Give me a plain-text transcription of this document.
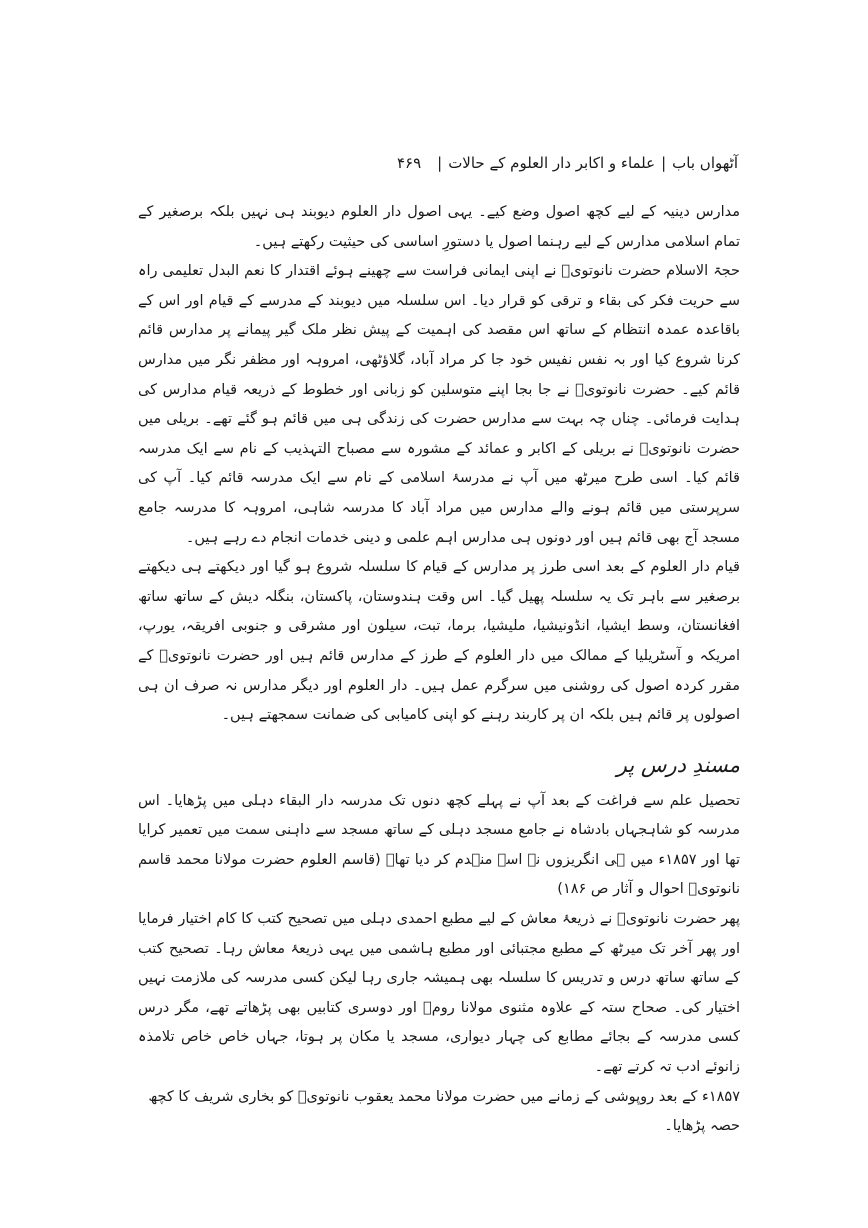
آٹھواں باب
|
علماء و اکابر دار العلوم کے حالات
|
۴۶۹

مدارس دینیہ کے لیے کچھ اصول وضع کیے۔ یہی اصول دار العلوم دیوبند ہی نہیں بلکہ برصغیر کے تمام اسلامی مدارس کے لیے رہنما اصول یا دستورِ اساسی کی حیثیت رکھتے ہیں۔

حجۃ الاسلام حضرت نانوتویؒ نے اپنی ایمانی فراست سے چھینے ہوئے اقتدار کا نعم البدل تعلیمی راہ سے حریت فکر کی بقاء و ترقی کو قرار دیا۔ اس سلسلہ میں دیوبند کے مدرسے کے قیام اور اس کے باقاعدہ عمدہ انتظام کے ساتھ اس مقصد کی اہمیت کے پیش نظر ملک گیر پیمانے پر مدارس قائم کرنا شروع کیا اور بہ نفس نفیس خود جا کر مراد آباد، گلاؤٹھی، امروہہ اور مظفر نگر میں مدارس قائم کیے۔ حضرت نانوتویؒ نے جا بجا اپنے متوسلین کو زبانی اور خطوط کے ذریعہ قیام مدارس کی ہدایت فرمائی۔ چناں چہ بہت سے مدارس حضرت کی زندگی ہی میں قائم ہو گئے تھے۔ بریلی میں حضرت نانوتویؒ نے بریلی کے اکابر و عمائد کے مشورہ سے مصباح التہذیب کے نام سے ایک مدرسہ قائم کیا۔ اسی طرح میرٹھ میں آپ نے مدرسۂ اسلامی کے نام سے ایک مدرسہ قائم کیا۔ آپ کی سرپرستی میں قائم ہونے والے مدارس میں مراد آباد کا مدرسہ شاہی، امروہہ کا مدرسہ جامع مسجد آج بھی قائم ہیں اور دونوں ہی مدارس اہم علمی و دینی خدمات انجام دے رہے ہیں۔

قیام دار العلوم کے بعد اسی طرز پر مدارس کے قیام کا سلسلہ شروع ہو گیا اور دیکھتے ہی دیکھتے برصغیر سے باہر تک یہ سلسلہ پھیل گیا۔ اس وقت ہندوستان، پاکستان، بنگلہ دیش کے ساتھ ساتھ افغانستان، وسط ایشیا، انڈونیشیا، ملیشیا، برما، تبت، سیلون اور مشرقی و جنوبی افریقہ، یورپ، امریکہ و آسٹریلیا کے ممالک میں دار العلوم کے طرز کے مدارس قائم ہیں اور حضرت نانوتویؒ کے مقرر کردہ اصول کی روشنی میں سرگرم عمل ہیں۔ دار العلوم اور دیگر مدارس نہ صرف ان ہی اصولوں پر قائم ہیں بلکہ ان پر کاربند رہنے کو اپنی کامیابی کی ضمانت سمجھتے ہیں۔

مسندِ درس پر

تحصیل علم سے فراغت کے بعد آپ نے پہلے کچھ دنوں تک مدرسہ دار البقاء دہلی میں پڑھایا۔ اس مدرسہ کو شاہجہاں بادشاہ نے جامع مسجد دہلی کے ساتھ مسجد سے داہنی سمت میں تعمیر کرایا تھا اور ۱۸۵۷ء میں ہی انگریزوں نے اسے منہدم کر دیا تھا۔ (قاسم العلوم حضرت مولانا محمد قاسم نانوتویؒ احوال و آثار ص ۱۸۶)

پھر حضرت نانوتویؒ نے ذریعۂ معاش کے لیے مطبع احمدی دہلی میں تصحیح کتب کا کام اختیار فرمایا اور پھر آخر تک میرٹھ کے مطبع مجتبائی اور مطبع ہاشمی میں یہی ذریعۂ معاش رہا۔ تصحیح کتب کے ساتھ ساتھ درس و تدریس کا سلسلہ بھی ہمیشہ جاری رہا لیکن کسی مدرسہ کی ملازمت نہیں اختیار کی۔ صحاح ستہ کے علاوہ مثنوی مولانا رومؒ اور دوسری کتابیں بھی پڑھاتے تھے، مگر درس کسی مدرسہ کے بجائے مطابع کی چہار دیواری، مسجد یا مکان پر ہوتا، جہاں خاص خاص تلامذہ زانوئے ادب تہ کرتے تھے۔

۱۸۵۷ء کے بعد روپوشی کے زمانے میں حضرت مولانا محمد یعقوب نانوتویؒ کو بخاری شریف کا کچھ حصہ پڑھایا۔
